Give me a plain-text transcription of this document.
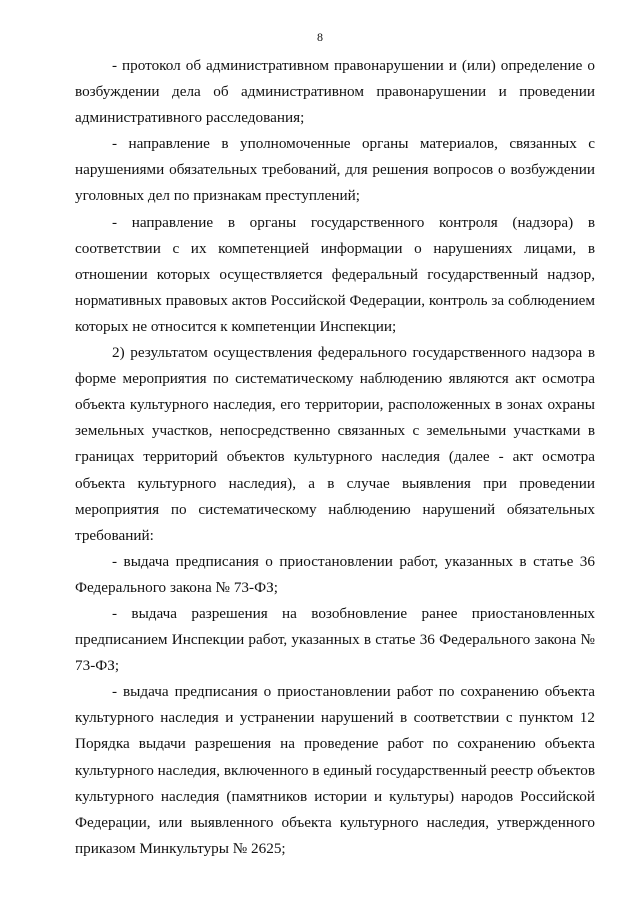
8

- протокол об административном правонарушении и (или) определение о возбуждении дела об административном правонарушении и проведении административного расследования;

- направление в уполномоченные органы материалов, связанных с нарушениями обязательных требований, для решения вопросов о возбуждении уголовных дел по признакам преступлений;

- направление в органы государственного контроля (надзора) в соответствии с их компетенцией информации о нарушениях лицами, в отношении которых осуществляется федеральный государственный надзор, нормативных правовых актов Российской Федерации, контроль за соблюдением которых не относится к компетенции Инспекции;

2) результатом осуществления федерального государственного надзора в форме мероприятия по систематическому наблюдению являются акт осмотра объекта культурного наследия, его территории, расположенных в зонах охраны земельных участков, непосредственно связанных с земельными участками в границах территорий объектов культурного наследия (далее - акт осмотра объекта культурного наследия), а в случае выявления при проведении мероприятия по систематическому наблюдению нарушений обязательных требований:

- выдача предписания о приостановлении работ, указанных в статье 36 Федерального закона № 73-ФЗ;

- выдача разрешения на возобновление ранее приостановленных предписанием Инспекции работ, указанных в статье 36 Федерального закона № 73-ФЗ;

- выдача предписания о приостановлении работ по сохранению объекта культурного наследия и устранении нарушений в соответствии с пунктом 12 Порядка выдачи разрешения на проведение работ по сохранению объекта культурного наследия, включенного в единый государственный реестр объектов культурного наследия (памятников истории и культуры) народов Российской Федерации, или выявленного объекта культурного наследия, утвержденного приказом Минкультуры № 2625;
